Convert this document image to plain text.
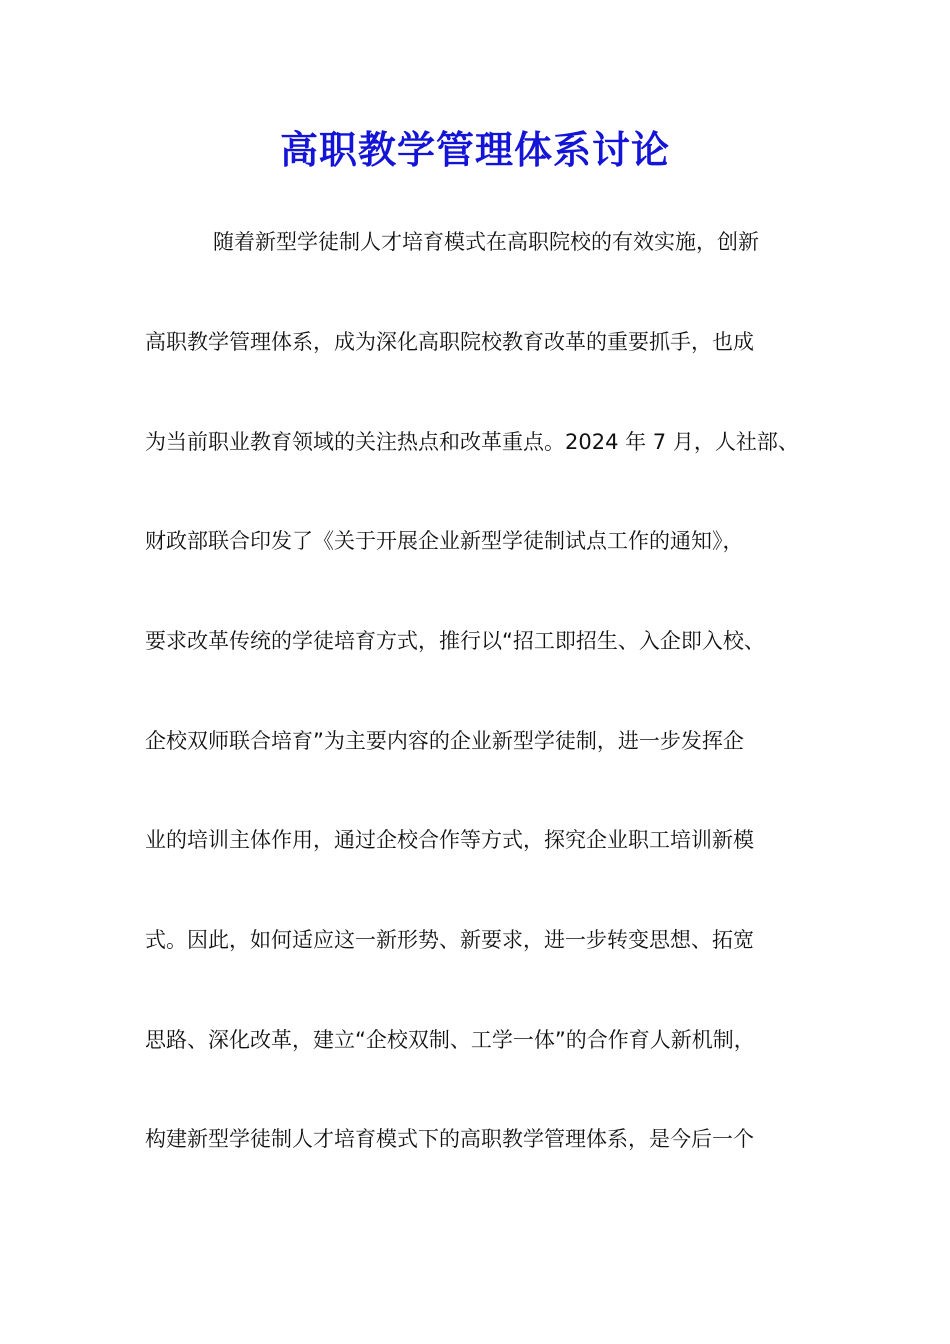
高职教学管理体系讨论
随着新型学徒制人才培育模式在高职院校的有效实施，创新
高职教学管理体系，成为深化高职院校教育改革的重要抓手，也成
为当前职业教育领域的关注热点和改革重点。2024 年 7 月，人社部、
财政部联合印发了《关于开展企业新型学徒制试点工作的通知》，
要求改革传统的学徒培育方式，推行以“招工即招生、入企即入校、
企校双师联合培育”为主要内容的企业新型学徒制，进一步发挥企
业的培训主体作用，通过企校合作等方式，探究企业职工培训新模
式。因此，如何适应这一新形势、新要求，进一步转变思想、拓宽
思路、深化改革，建立“企校双制、工学一体”的合作育人新机制，
构建新型学徒制人才培育模式下的高职教学管理体系，是今后一个
